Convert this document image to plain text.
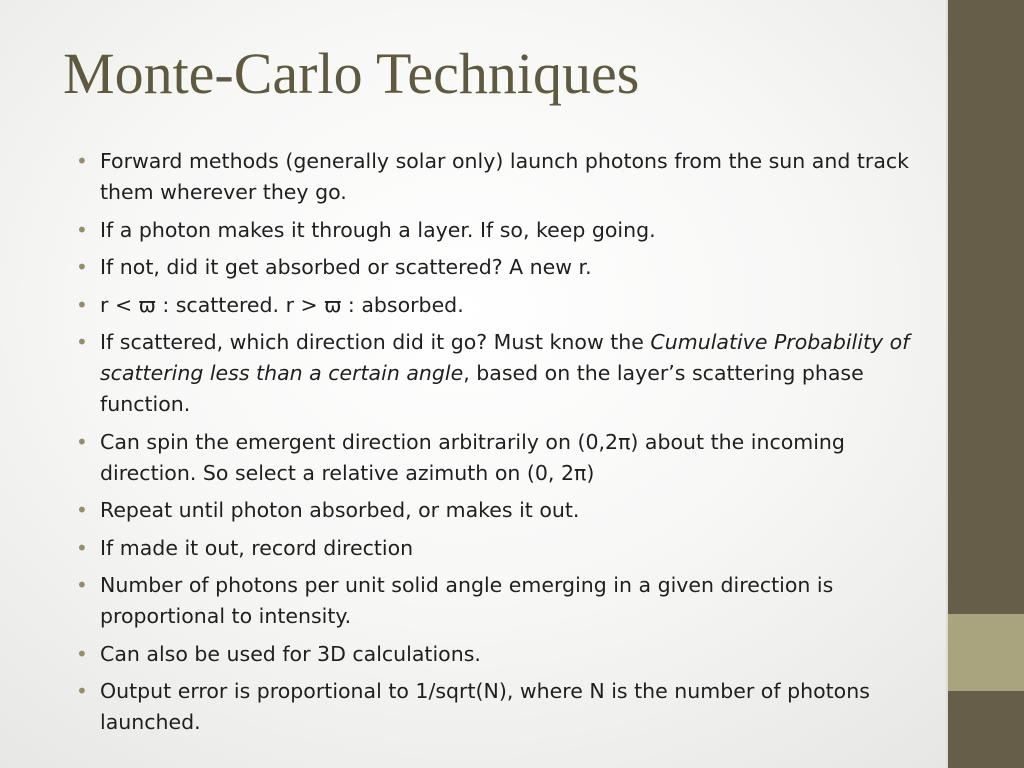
Monte-Carlo Techniques
• Forward methods (generally solar only) launch photons from the sun and track them wherever they go.
• If a photon makes it through a layer. If so, keep going.
• If not, did it get absorbed or scattered? A new r.
• r < ϖ : scattered. r > ϖ : absorbed.
• If scattered, which direction did it go? Must know the Cumulative Probability of scattering less than a certain angle, based on the layer’s scattering phase function.
• Can spin the emergent direction arbitrarily on (0,2π) about the incoming direction. So select a relative azimuth on (0, 2π)
• Repeat until photon absorbed, or makes it out.
• If made it out, record direction
• Number of photons per unit solid angle emerging in a given direction is proportional to intensity.
• Can also be used for 3D calculations.
• Output error is proportional to 1/sqrt(N), where N is the number of photons launched.
